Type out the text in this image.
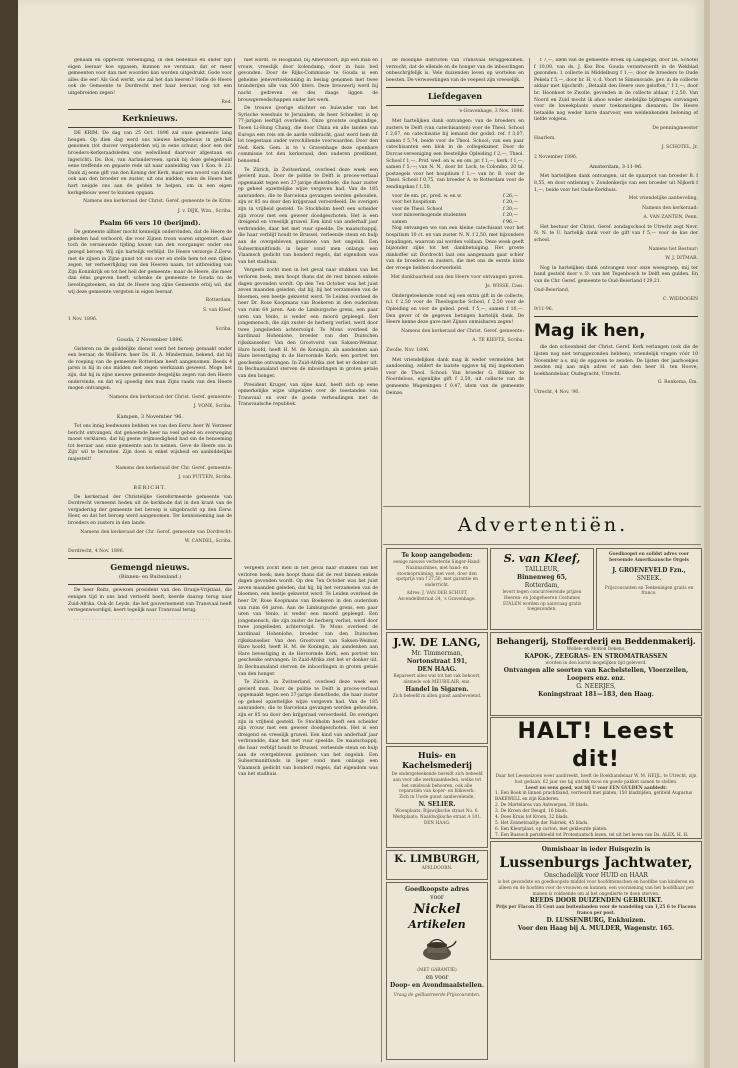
genaam en opprecht vereeniging, in den bedehuis en onder zijn eigen leeraar koe oppasen, kunnen we verstaan, dat er meer gemeenten voor dan met woorden kan worden uitgedrukt. Gode voor alles die eer! Als God werkt, wie zal het dan keeren? Stelle de Heere ook de Gemeente te Dordrecht met haar leeraar, nog tot een uitgebreiden zegen!

Red.
Kerknieuws.

DE KRIM. De dag van 25 Oct. 1896 zal onze gemeente lang heugen. Op dien dag werd ons nieuwe kerkgebouw in gebruik genomen (tot dusver vergaderden wij in eene schuur, door een der broeders-kerkeraadsleden ons welwillend daarvoor afgestaan en ingericht). Ds. Bos, van Aarlanderveen, sprak bij deze gelegenheid eene treffende en gepaste rede uit naar aanleiding van 1 Kon. 8: 22. Dank zij eene gift van den Koning der Kerk, maar een woord van dank ook aan den broeder en zuster, uit ons midden, wien de Heere het hart neigde ons aan de gelden te helpen, om in een eigen kerkgebouw weer te kunnen opgaan.

Namens den kerkeraad der Christ. Geref. gemeente te de Krim:
J. v. DIJK, Wzn., Scriba.
Psalm 66 vers 10 (berijmd).

De gemeente allhier mocht kennelijk ondervinden, dat de Heere de gebeden had verhoord, die voor Zijnen troon waren uitgestort, daar toch de vernieuwde tijding kwam van den voorganger onder ons gezegd beroep. Wij zijn hartelijk verblijd. De Heere verzorge Z.Eerw. met de zijnen in Zijne gunst tot ons over en stelle hem tot een rijken zegen, ter verheerlijking van den Heeren naam, tot uitbreiding van Zijn Koninkrijk en tot het heil der gemeente; maar de Heere, die meer dan ééns gegeven heeft, schenke de gemeente te Gouda nu de lievelingsteeken, en dat de Heere nog zijne Gemeente erbij wil, dat wij deze gemeente vergeten in eigen leeraar.

Rotterdam,
S. van Kleef,
1 Nov. 1896.
Scriba.
Gouda, 2 November 1896.

Gisteren na de goddelijke dienst werd het beroep gemaakt onder een leeraar, de WelEerw. heer Ds. H. A. Minderman, bekend, dat hij de roeping van de gemeente Rotterdam heeft aangenomen. Reeds 4 jaren is hij in ons midden met zegen werkzaam geweest. Moge het zijn, dat hij in zijne nieuwe gemeente desgelijks zegen van den Heere ondervinde, en dat wij spoedig den man Zijns raads van den Heere mogen ontvangen.

Namens den kerkeraad der Christ. Geref. gemeente:
J. VONK, Scriba.
Kampen, 3 November '96.

Tot ons innig leedwezen hebben we van den Eerw. heer W. Vermeer bericht ontvangen, dat genoemde heer na veel gebed en overweging moest verklaren, dat hij geene vrijmoedigheid had om de benoeming tot leeraar aan onze gemeente aan te nemen. Geve de Heere ons in Zijn' wil te berusten. Zijn doen is enkel wijsheid en aanbiddelijke majesteit!

Namens den kerkeraad der Chr. Geref. gemeente:
J. van PUTTEN, Scriba.
BERICHT.

De kerkeraad der Christelijke Gereformeerde gemeente van Dordrecht verneemt heden uit de kerkbode dat in den krant van de vergadering der gemeente het beroep is uitgebracht op den Eerw. Heer, en dat het beroep werd aangenomen. Ter kennisneming aan de broeders en zusters in den lande.

Namens den kerkeraad der Chr. Geref. gemeente van Dordrecht:
W. CANDEL, Scriba.
Dordrecht, 4 Nov. 1896.
Gemengd nieuws.
(Binnen- en Buitenland.)

De heer Reitz, gewezen president van den Oranje-Vrijstaat, die eenigen tijd in ons land vertoefd heeft, keerde daarop terug naar Zuid-Afrika. Ook dr. Leyds, die het gouvernement van Transvaal heeft vertegenwoordigd, keert tegelijk naar Transvaal terug.

. . . . . . . . . . . . . . . . . . . . . . . . . . . . . . . . . . . . . . . . . . . . . . .

niet wordt. Te Hoogland, bij Amersfoort, zijn een man en vrouw, vreeslijk door kolendamp, door in huis bed gevonden. Door de Rijks-Commissie te Gouda is een geheime jenevertoekenning in beslag genomen met twee branderijen alle van 500 liters. Deze brouwerij werd bij nacht gedreven en des daags liggen de brouwgereedschappen onder het werk.

De trouwe ijverige stichter en huisvader van het Syrische weeshuis te Jeruzalem, de heer Schneller, is op 77-jarigen leeftijd overleden. Onze grootste oogkundige, Tsoen Li-Hung Chang, die door China en alle landen van Europa een reis om de aarde volbracht, gaat werd hem dit lot toegestaan onder verschillende voorwaarden. Door den Ned. Kerk. Gem. is te 's Gravenhage deze openbare commissie tot den kerkeraad, den ouderen predikant, benoemd.

Te Zürich, in Zwitserland, overleed deze week een gevierd man. Door de politie te Delft is proces-verbaal opgemaakt tegen een 27-jarige dienstbode, die haar zuster op geheel opzettelijke wijze vergeven had. Van de 185 aanranders, die te Barcelona gevangen werden gehouden, zijn er 85 nu door den krijgsraad veroordeeld. De overigen zijn in vrijheid gesteld. Te Stockholm heeft een scheider zijn vrouw met een geweer doodgeschoten. Het is een dreigend en vreeslijk gruwel. Een kind van anderhalf jaar verbrandde, daar het met vuur speelde. De maatschappij, die haar verblijf houdt te Brussel, verleende steun en hulp aan de overgebleven gezinnen van het ongeluk. Een Subsermunitfonds in Ieper vond men onlangs een Vlaamsch gedicht van honderd regels, dat eigendom was van het stadhuis.

Vergeefs zocht men in het geval naar stukken van het verloren boek; men hoopt thans dat de rest binnen enkele dagen gevonden wordt. Op den 7en October was het juist zeven maanden geleden, dat hij, bij het verzamelen van de bloemen, een beetje gekwetst werd. Te Leiden overleed de heer Dr. Rose Koopmans van Boekeren in den ouderdom van ruim 64 jaren. Aan de Limburgsche grens, een paar uren van Venlo, is weder een moord gepleegd. Een jongemensch, die zijn zuster de herberg verliet, werd door twee jongelieden achtervolgd. Te Mons overleed de kardinaal Hohenlohe, broeder van den Duitschen rijkskanselier. Van den Grootvorst van Saksen-Weimar, Hare hoofd, heeft H. M. de Koningin, als aandenken aan Hare bevestiging in de Hervormde Kerk, een portret ten geschenke ontvangen. In Zuid-Afrika ziet het er donker uit. In Bechuanaland sterven de inboorlingen in groten getale van den honger.

President Kruger, van zijne kant, heeft zich op eene opmerkelijke wijze uitgelaten over de toestanden van Transvaal en over de goede verhoudingen met de Transvaalsche republiek.

Vergeefs zocht men in het geval naar stukken van het verloren boek; men hoopt thans dat de rest binnen enkele dagen gevonden wordt. Op den 7en October was het juist zeven maanden geleden, dat hij, bij het verzamelen van de bloemen, een beetje gekwetst werd. Te Leiden overleed de heer Dr. Rose Koopmans van Boekeren in den ouderdom van ruim 64 jaren. Aan de Limburgsche grens, een paar uren van Venlo, is weder een moord gepleegd. Een jongemensch, die zijn zuster de herberg verliet, werd door twee jongelieden achtervolgd. Te Mons overleed de kardinaal Hohenlohe, broeder van den Duitschen rijkskanselier. Van den Grootvorst van Saksen-Weimar, Hare hoofd, heeft H. M. de Koningin, als aandenken aan Hare bevestiging in de Hervormde Kerk, een portret ten geschenke ontvangen. In Zuid-Afrika ziet het er donker uit. In Bechuanaland sterven de inboorlingen in groten getale van den honger.

Te Zürich, in Zwitserland, overleed deze week een gevierd man. Door de politie te Delft is proces-verbaal opgemaakt tegen een 27-jarige dienstbode, die haar zuster op geheel opzettelijke wijze vergeven had. Van de 185 aanranders, die te Barcelona gevangen werden gehouden, zijn er 85 nu door den krijgsraad veroordeeld. De overigen zijn in vrijheid gesteld. Te Stockholm heeft een scheider zijn vrouw met een geweer doodgeschoten. Het is een dreigend en vreeslijk gruwel. Een kind van anderhalf jaar verbrandde, daar het met vuur speelde. De maatschappij, die haar verblijf houdt te Brussel, verleende steun en hulp aan de overgebleven gezinnen van het ongeluk. Een Subsermunitfonds in Ieper vond men onlangs een Vlaamsch gedicht van honderd regels, dat eigendom was van het stadhuis.

de moeilijke districten van Transvaal teruggekomen, verzocht, dat de ellende en de honger van de inboorlingen onbeschrijfelijk is. Vele duizenden leven op wortelen en beesten. De verwoestingen van de veepest zijn vreeselijk.

Liefdegaven
's-Gravenhage, 3 Nov. 1896.

Met hartelijken dank ontvangen: van de broeders en zusters te Delft (van catechisanten) voor de Theol. School f 2,67, en catechisatie bij iemand der godsd. ref. f 3,07, samen f 5,74, beide voor de Theol. School; van een paar catechisanten een klok in de collegekamer. Door de Dorcas-vereeniging een feestelijke Opleiding f 2,—, Theol. School f 1,—, Prof. wed. en w. en om. pr. f 1,—, kerk. f 1,—, samen f 5,—; van N. N., door br. Lock, te Colombo, 20 bl. postzegels voor het hospitium f 1,— van br. B. voor de Theol. School f 0,75, van broeder A. te Rotterdam voor de zendingskas f 1,50.

voor de em. pr., pred. w. en w.	f 26,—
voor het hospitium	f 20,—
voor de Theol. School	f 30,—
voor minvermogende studenten	f 20,—
samen	f 96,—

Nog ontvangen we van een kleine catechisant voor het hospitium 10 ct. en van zuster N. N. f 2,50, met bijzondere bepalingen, waarvan zal worden voldaan. Deze week geeft bijzonder zijke tot het dankbetuiging. Het groote dankoffer uit Dordrecht laat ons aangenaam gaar schier van de broeders en zusters, die met ons de eerste kiste der vroege hebben doorwerkeld.

Met dankbaarheid aan den Heere voor ontvangen gaven.
Js. WISSE, Cass.

Ondergeteekende vond wij een extra gift in de collecte, n.l. f 2,50 voor de Theologische School, f 2,50 voor de Opleiding en voor de gebed. pred. f 5,—, samen f 10,—. Den gever of de gegeven betuigen hartelijk dank. De Heere kenne deze gave met Zijnen onmisbaren zegen!

Namens den kerkeraad der Christ. Geref. gemeente:
A. TE KIEFTE, Scriba.
Zwolle, Nov. 1896.

Met vriendelijken dank mag ik weder vermelden het aandoening, zeldert de laatste opgave bij mij ingekomen voor de Theol. School: Van broeder G. Blikker te Noordeloos, eigenlijke gift f 2,50, uit collecte van de gemeente Wageningen f 0,47, idem van de gemeente Deinze.

f 7,—, idem van de gemeente Broek op Langedijk, door Ds. Schotel f 10,00, van ds. J. Kos Bos. Gouda verantwoordt in de Wekblad gezonden: 1 collecte in Middelburg f 1,—, door de broeders te Oude Pekela f 5,—, door br. H. v. d. Voort te Simonsvade, gev. in de collecte aldaar met bijschrift: ,,Betaald den Heere uwe geloften,'' f 1,—, door br. Hoonkoot te Zwolle, gevonden in de collecte aldaar, f 2,50. Van Noord en Zuid mocht ik ahoo weder stedelijke bijdragen ontvangen voor de kweekplaats onzer toekomstigen dienaren. De Heere betaalde nog weder harte daarvoor, een weldenkenden beloning of liefde volgens.

De penningmeester
Haarlem,
J. SCHOTEL, Jr.
2 November 1896.
Amsterdam, 3-11-96.

Met hartelijken dank ontvangen, uit de spaarpot van broeder B. f 8,55, en door ontlening v. Zondenkerijs van een broeder uit Nijkerk f 1,—, beide voor het Oude-Kerkhuis.

Met vriendelijke aanbeveling,
Namens den kerkeraad:
A. VAN ZANTEN, Penn.

Het bestuur der Christ. Geref. zondagschool te Utrecht zegt Nevr. N. N. te U. hartelijk dank voor de gift van f 5,— voor de kas der school.

Namens het Bestuur:
W. J. DITMAR.

Nog in hartelijken dank ontvangen voor onze weesgroep, mij ter hand gesteld door v. D. van het Tegenbosch te Delft een gulden. En van de Chr. Geref. gemeente te Oud-Beierland f 29,21.

Oud-Beierland,
C. WIDDOGEN
9/11-96.
Mag ik hen,

die den schoonheid der Christ. Geref. Kerk verlangen (ook die de lijsten nog niet teruggezonden hebben), vriendelijk vragen vóór 10 November a.s. mij de opgaven te zenden. De lijsten der jaarboekjes zenden mij aan mijn adres of aan den heer H. ten Hoove, boekhandelaar, Oudegracht, Utrecht.

G. Renkema, Em.
Utrecht, 4 Nov. '96.
Advertentiën.
Te koop aangeboden:
eenige nieuwe verbeterde Singer-Hand-Naaimachines, met hand- en stoomopruiming, met voet, door den spotprijs van f 27,50, met garantie en onderricht.
Adres: J. VAN DER SCHUIT, Ascendelltstraat 24, 's Gravenhage.
S. van Kleef,
TAILLEUR,
Binnenweg 65,
Rotterdam,
levert tegen concurreerende prijzen Heeren- en Jongeheeren Costumes
STALEN worden op aanvraag gratis toegezonden.
Goedkoopst en solidst adres voor beroemde Amerikaansche Orgels
J. GROENEVELD Fzn.,
SNEEK.
Prijscouranten en Teekeningen gratis en franco.
J.W. DE LANG,
Mr. Timmerman,
Nortonstraat 191,
DEN HAAG.
Repareert alles wat tot het vak behoort, alsmede ook MEUBILAIR, enz.
Handel in Sigaren.
Zich beleefd in allen gunst aanbevelend.
Behangerij, Stoffeerderij en Beddenmakerij.
Wollen- en Molton Dekens,
KAPOK-, ZEEGRAS- EN STROMATRASSEN
worden in den kortst mogelijken tijd geleverd.
Ontvangen alle soorten van Kachelstellen, Vloerzeilen, Loopers enz. enz.
G. NEERJES,
Koningstraat 181—183, den Haag.
HALT! Leest dit!
Daar het Leesseizoen weer aanbreekt, heeft de Boekhandelaar W. M. HEIJL, te Utrecht, zijn lust gedaan, 62 jaar zes bij uitstek mooi en goede pakket samen te stellen.
Leest nu eens goed, wat bij U voor EEN GULDEN aanbiedt:
1. Een Boek in linnen prachtband, verrieurd met platen, 150 bladzijden, getiteld Augustus BAKEWELL en zijn Kinderen.
2. De Martelares van Antwerpen, 30 blads.
3. De Kroon der Deugd, 16 blads.
4. Does Kruis tot Kroon, 32 blads.
5. Het Zonnetraaltje der Fabriek, 45 blads.
6. Een Kleurplaat, op carton, met gekleurde platen.
7. Een Bussoch perishteeld tot Protestantsch lezen, tel uit het leven van Ds. ALEX. H. H.
Huis- en Kachelsmederij
De ondergeteekende bereidt zich bebeeld aan voor alle werkzaamheden, welke tot het smidsvak behooren, ook alle reparatiën van koper- en blikwerk.
Zich in Uwde gunst aanbevelende,
N. SELIER.
Woonplaats: Rijswijksche straat No. 6.
Werkplaats: Naaldwijksche straat A 101. DEN HAAG.
K. LIMBURGH,
APELDOORN.
Goedkoopste adres
voor
Nickel
Artikelen
(MET GARANTIE)
en voor
Doop- en Avondmaalstellen.
Vraag de geïllustreerde Prijscouranten.
Onmisbaar in ieder Huisgezin is
Lussenburgs Jachtwater,
Onschadelijk voor HUID en HAAR
is het gezondste en goedkoopste middel voor hoofdmenschen en hoofdbe van kinderen en alleen en de hoofden voor de vrouwen en kunnen, een voorziening van het hoofdhaar per manen is voldoende om al het ongedierte te doen sterven.
REEDS DOOR DUIZENDEN GEBRUIKT.
Prijs per Flacon 35 Cent aan buitenlanden voor de wandeling van 1,25 6 te Flacons franco per post.
D. LUSSENBURG, Enkhuizen.
Voor den Haag bij A. MULDER, Wagenstr. 165.
